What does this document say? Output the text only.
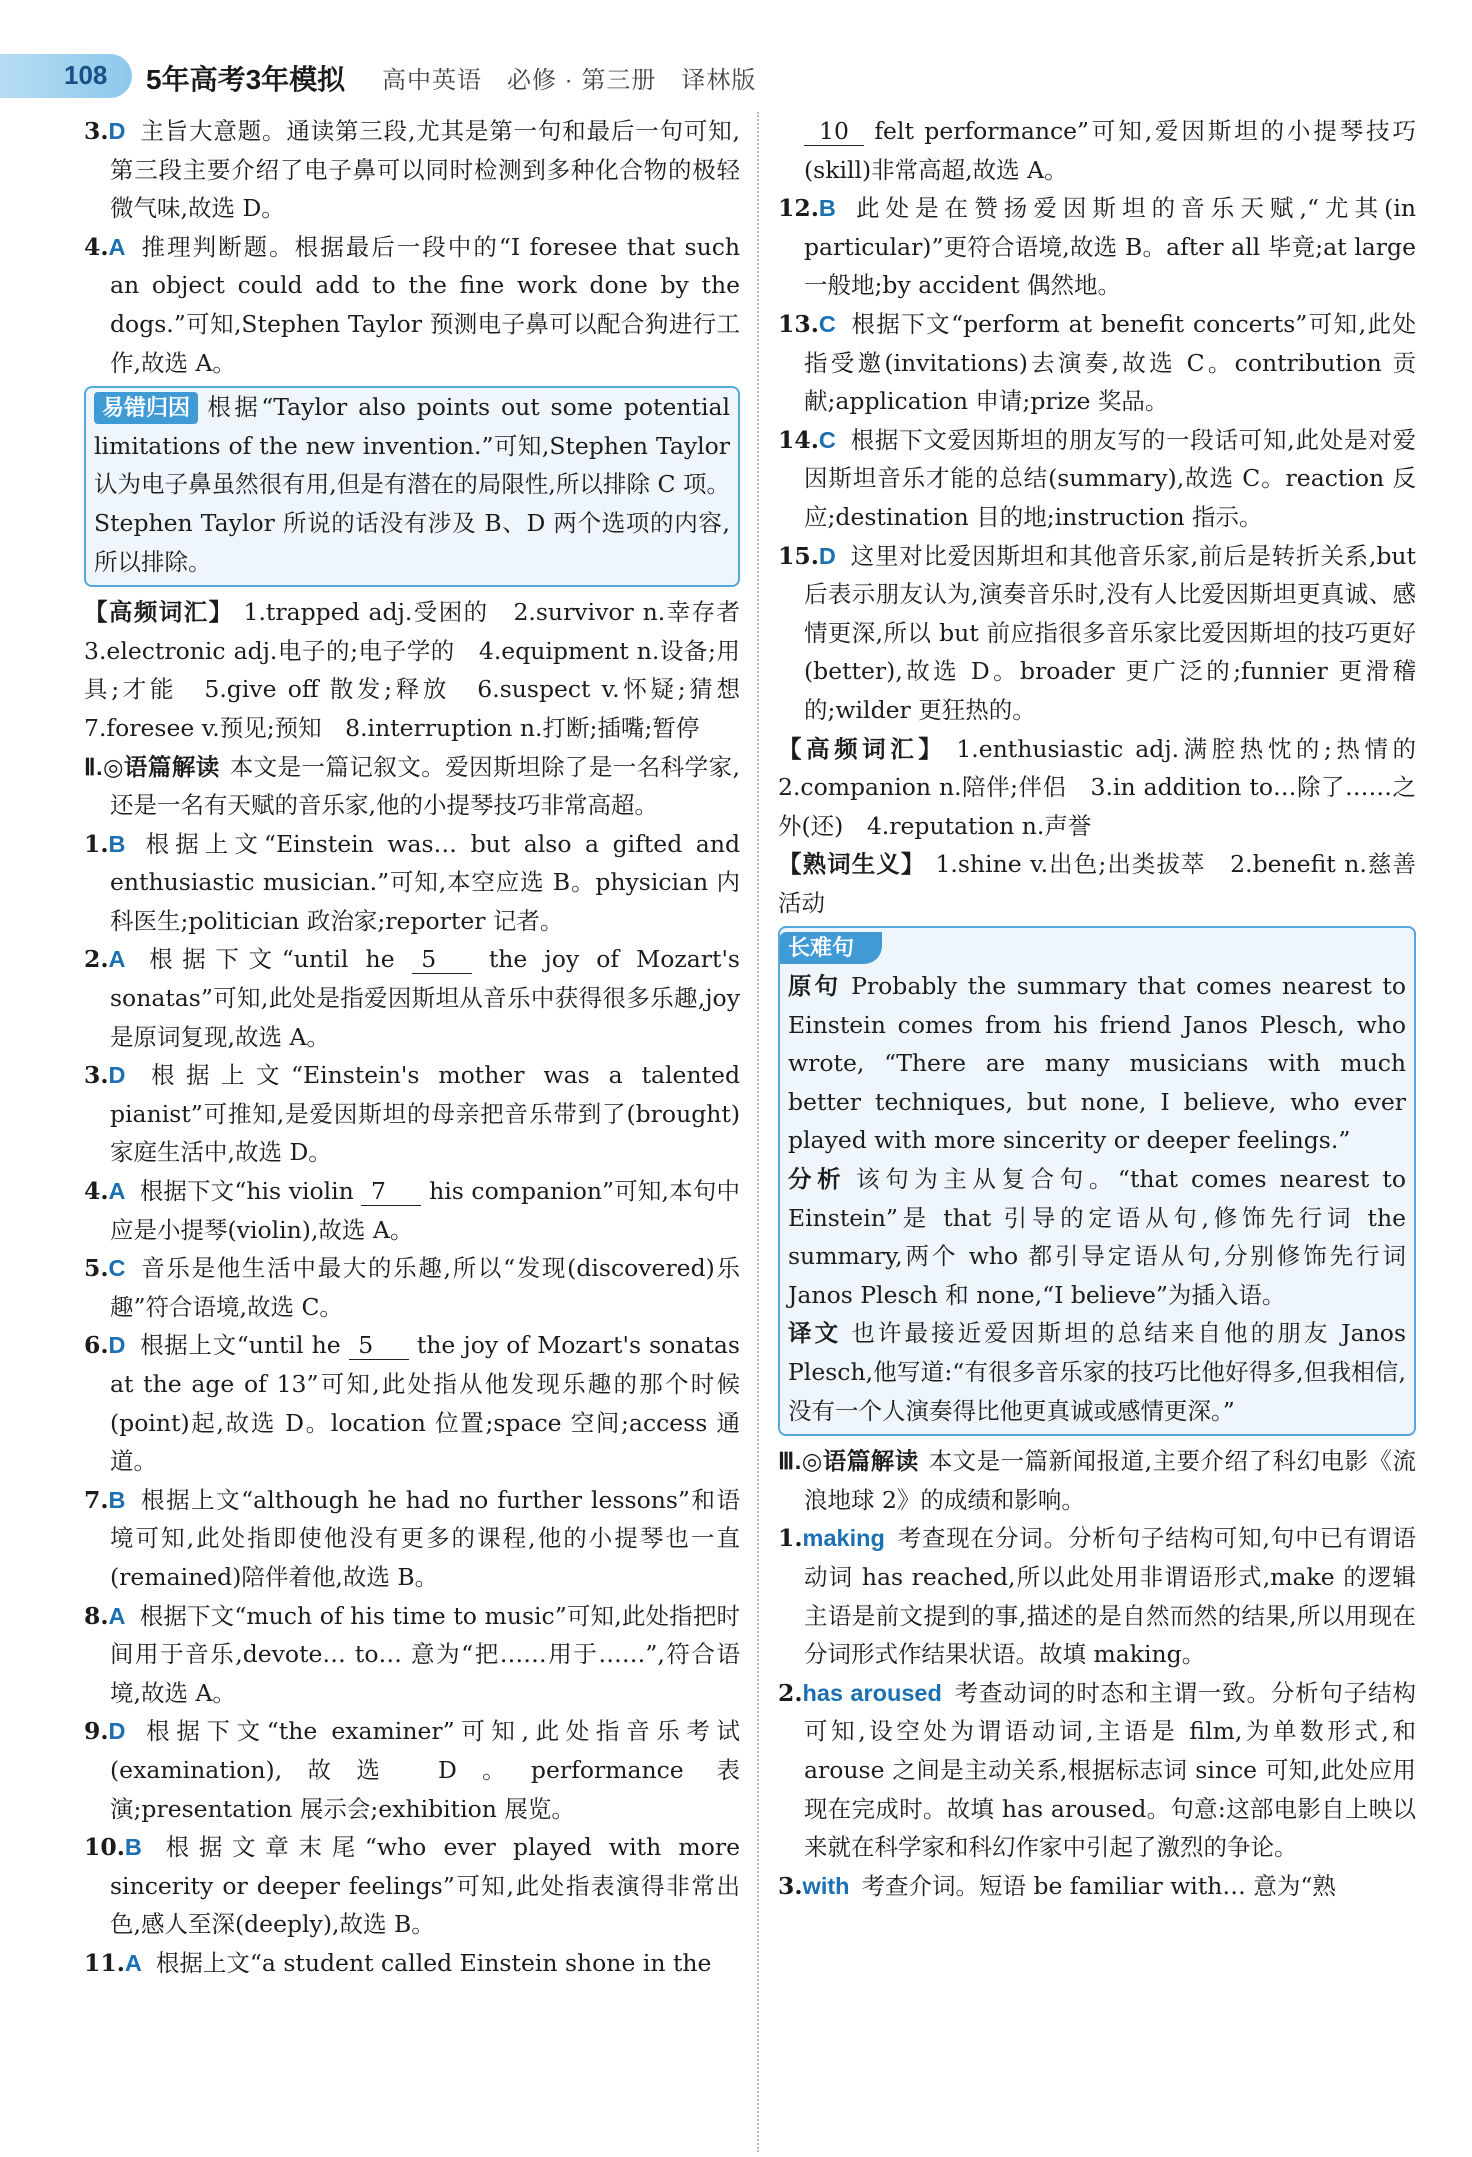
108 5年高考3年模拟 高中英语　必修 · 第三册　译林版

3.D 主旨大意题。通读第三段,尤其是第一句和最后一句可知,第三段主要介绍了电子鼻可以同时检测到多种化合物的极轻微气味,故选 D。

4.A 推理判断题。根据最后一段中的“I foresee that such an object could add to the fine work done by the dogs.”可知,Stephen Taylor 预测电子鼻可以配合狗进行工作,故选 A。

易错归因 根据“Taylor also points out some potential limitations of the new invention.”可知,Stephen Taylor 认为电子鼻虽然很有用,但是有潜在的局限性,所以排除 C 项。Stephen Taylor 所说的话没有涉及 B、D 两个选项的内容,所以排除。

【高频词汇】 1.trapped adj.受困的　2.survivor n.幸存者　3.electronic adj.电子的;电子学的　4.equipment n.设备;用具;才能　5.give off 散发;释放　6.suspect v.怀疑;猜想　7.foresee v.预见;预知　8.interruption n.打断;插嘴;暂停

Ⅱ.◎语篇解读 本文是一篇记叙文。爱因斯坦除了是一名科学家,还是一名有天赋的音乐家,他的小提琴技巧非常高超。

1.B 根据上文“Einstein was… but also a gifted and enthusiastic musician.”可知,本空应选 B。physician 内科医生;politician 政治家;reporter 记者。

2.A 根据下文“until he 5 the joy of Mozart's sonatas”可知,此处是指爱因斯坦从音乐中获得很多乐趣,joy 是原词复现,故选 A。

3.D 根据上文“Einstein's mother was a talented pianist”可推知,是爱因斯坦的母亲把音乐带到了(brought)家庭生活中,故选 D。

4.A 根据下文“his violin 7 his companion”可知,本句中应是小提琴(violin),故选 A。

5.C 音乐是他生活中最大的乐趣,所以“发现(discovered)乐趣”符合语境,故选 C。

6.D 根据上文“until he 5 the joy of Mozart's sonatas at the age of 13”可知,此处指从他发现乐趣的那个时候(point)起,故选 D。location 位置;space 空间;access 通道。

7.B 根据上文“although he had no further lessons”和语境可知,此处指即使他没有更多的课程,他的小提琴也一直(remained)陪伴着他,故选 B。

8.A 根据下文“much of his time to music”可知,此处指把时间用于音乐,devote… to… 意为“把……用于……”,符合语境,故选 A。

9.D 根据下文“the examiner”可知,此处指音乐考试(examination),故选 D。performance 表演;presentation 展示会;exhibition 展览。

10.B 根据文章末尾“who ever played with more sincerity or deeper feelings”可知,此处指表演得非常出色,感人至深(deeply),故选 B。

11.A 根据上文“a student called Einstein shone in the

10 felt performance”可知,爱因斯坦的小提琴技巧(skill)非常高超,故选 A。

12.B 此处是在赞扬爱因斯坦的音乐天赋,“尤其(in particular)”更符合语境,故选 B。after all 毕竟;at large 一般地;by accident 偶然地。

13.C 根据下文“perform at benefit concerts”可知,此处指受邀(invitations)去演奏,故选 C。contribution 贡献;application 申请;prize 奖品。

14.C 根据下文爱因斯坦的朋友写的一段话可知,此处是对爱因斯坦音乐才能的总结(summary),故选 C。reaction 反应;destination 目的地;instruction 指示。

15.D 这里对比爱因斯坦和其他音乐家,前后是转折关系,but 后表示朋友认为,演奏音乐时,没有人比爱因斯坦更真诚、感情更深,所以 but 前应指很多音乐家比爱因斯坦的技巧更好(better),故选 D。broader 更广泛的;funnier 更滑稽的;wilder 更狂热的。

【高频词汇】 1.enthusiastic adj.满腔热忱的;热情的　2.companion n.陪伴;伴侣　3.in addition to…除了……之外(还)　4.reputation n.声誉

【熟词生义】 1.shine v.出色;出类拔萃　2.benefit n.慈善活动

长难句

原句 Probably the summary that comes nearest to Einstein comes from his friend Janos Plesch, who wrote, “There are many musicians with much better techniques, but none, I believe, who ever played with more sincerity or deeper feelings.”

分析 该句为主从复合句。“that comes nearest to Einstein”是 that 引导的定语从句,修饰先行词 the summary,两个 who 都引导定语从句,分别修饰先行词 Janos Plesch 和 none,“I believe”为插入语。

译文 也许最接近爱因斯坦的总结来自他的朋友 Janos Plesch,他写道:“有很多音乐家的技巧比他好得多,但我相信,没有一个人演奏得比他更真诚或感情更深。”

Ⅲ.◎语篇解读 本文是一篇新闻报道,主要介绍了科幻电影《流浪地球 2》的成绩和影响。

1.making 考查现在分词。分析句子结构可知,句中已有谓语动词 has reached,所以此处用非谓语形式,make 的逻辑主语是前文提到的事,描述的是自然而然的结果,所以用现在分词形式作结果状语。故填 making。

2.has aroused 考查动词的时态和主谓一致。分析句子结构可知,设空处为谓语动词,主语是 film,为单数形式,和 arouse 之间是主动关系,根据标志词 since 可知,此处应用现在完成时。故填 has aroused。句意:这部电影自上映以来就在科学家和科幻作家中引起了激烈的争论。

3.with 考查介词。短语 be familiar with… 意为“熟
